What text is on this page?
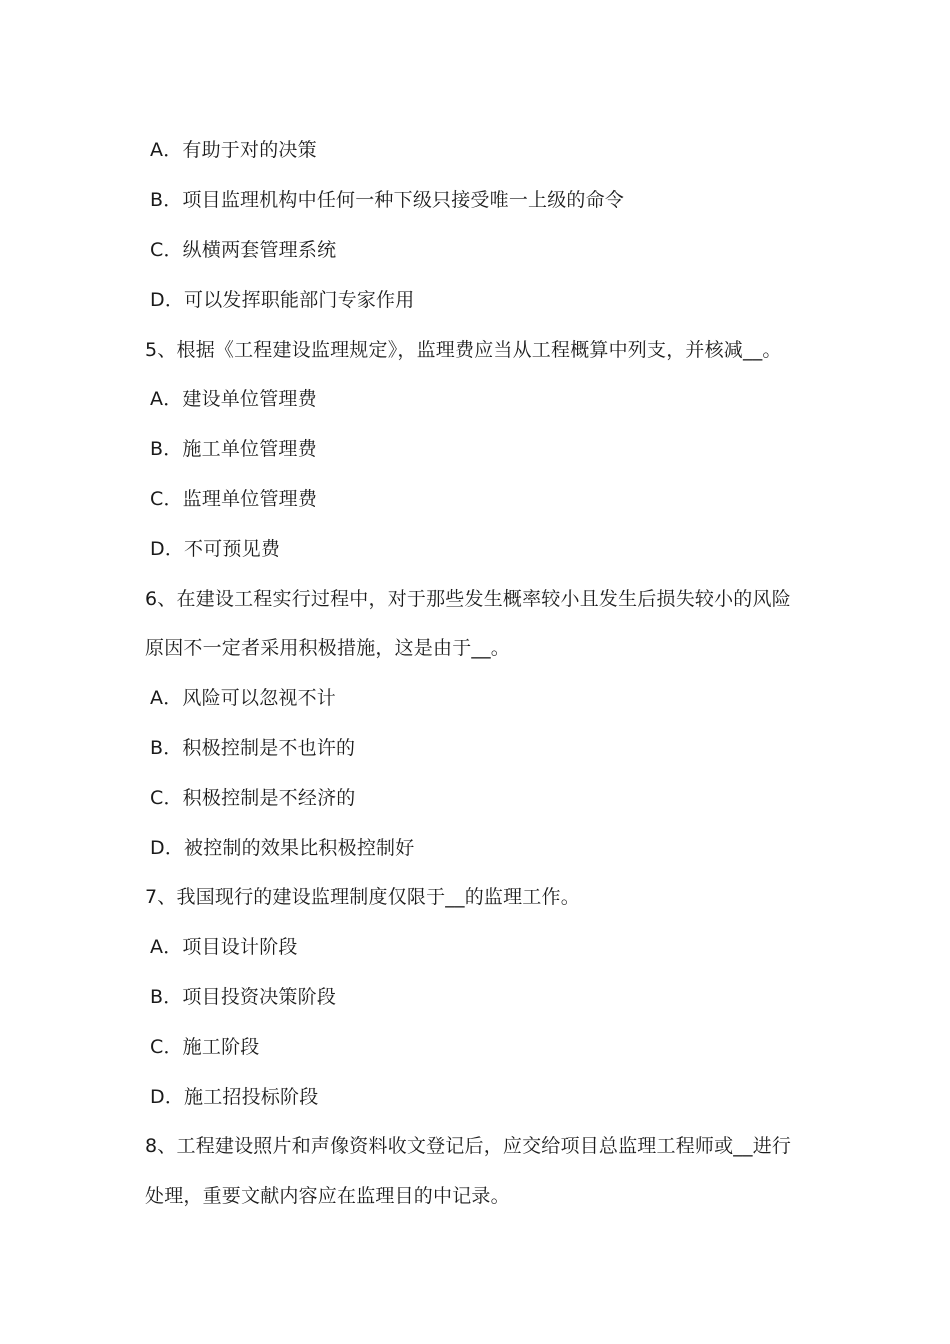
A．有助于对的决策
B．项目监理机构中任何一种下级只接受唯一上级的命令
C．纵横两套管理系统
D．可以发挥职能部门专家作用
5、根据《工程建设监理规定》，监理费应当从工程概算中列支，并核减__。
A．建设单位管理费
B．施工单位管理费
C．监理单位管理费
D．不可预见费
6、在建设工程实行过程中，对于那些发生概率较小且发生后损失较小的风险
原因不一定者采用积极措施，这是由于__。
A．风险可以忽视不计
B．积极控制是不也许的
C．积极控制是不经济的
D．被控制的效果比积极控制好
7、我国现行的建设监理制度仅限于__的监理工作。
A．项目设计阶段
B．项目投资决策阶段
C．施工阶段
D．施工招投标阶段
8、工程建设照片和声像资料收文登记后，应交给项目总监理工程师或__进行
处理，重要文献内容应在监理目的中记录。
